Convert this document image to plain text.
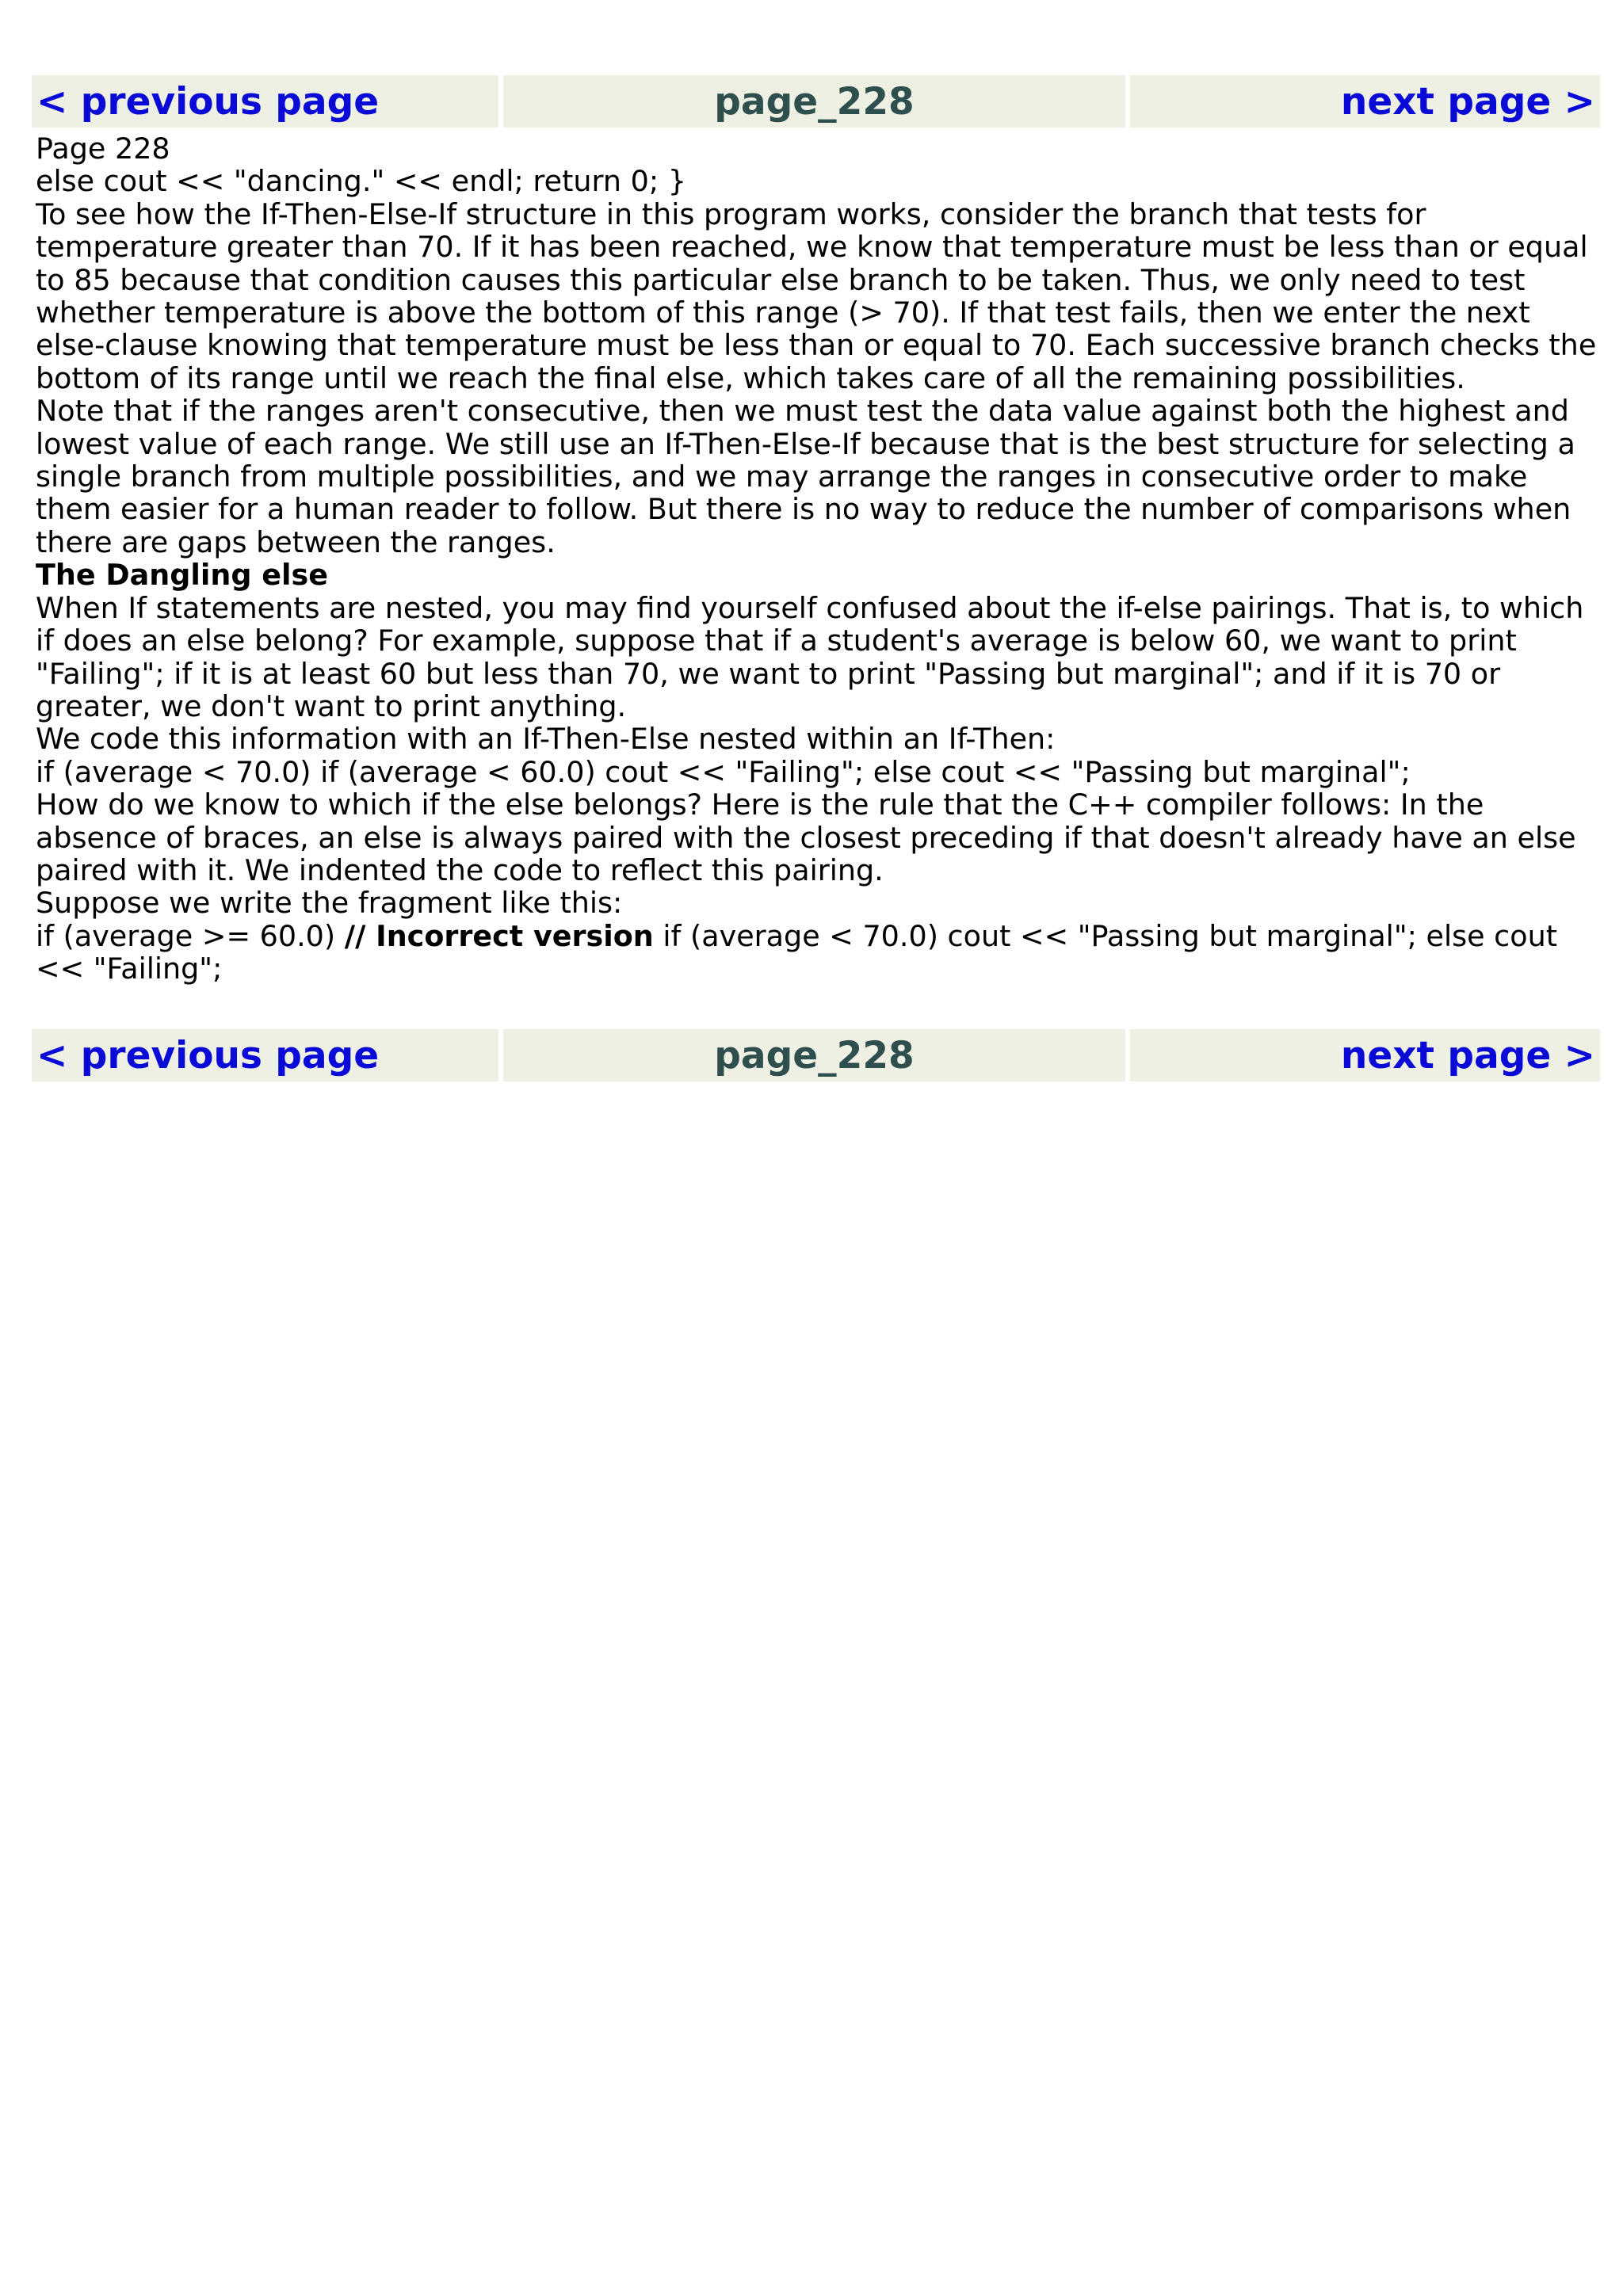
< previous page	page_228	next page >

Page 228

else cout << "dancing." << endl; return 0; }

To see how the If-Then-Else-If structure in this program works, consider the branch that tests for temperature greater than 70. If it has been reached, we know that temperature must be less than or equal to 85 because that condition causes this particular else branch to be taken. Thus, we only need to test whether temperature is above the bottom of this range (> 70). If that test fails, then we enter the next else-clause knowing that temperature must be less than or equal to 70. Each successive branch checks the bottom of its range until we reach the final else, which takes care of all the remaining possibilities.

Note that if the ranges aren't consecutive, then we must test the data value against both the highest and lowest value of each range. We still use an If-Then-Else-If because that is the best structure for selecting a single branch from multiple possibilities, and we may arrange the ranges in consecutive order to make them easier for a human reader to follow. But there is no way to reduce the number of comparisons when there are gaps between the ranges.

The Dangling else

When If statements are nested, you may find yourself confused about the if-else pairings. That is, to which if does an else belong? For example, suppose that if a student's average is below 60, we want to print "Failing"; if it is at least 60 but less than 70, we want to print "Passing but marginal"; and if it is 70 or greater, we don't want to print anything.

We code this information with an If-Then-Else nested within an If-Then:

if (average < 70.0) if (average < 60.0) cout << "Failing"; else cout << "Passing but marginal";

How do we know to which if the else belongs? Here is the rule that the C++ compiler follows: In the absence of braces, an else is always paired with the closest preceding if that doesn't already have an else paired with it. We indented the code to reflect this pairing.

Suppose we write the fragment like this:

if (average >= 60.0) // Incorrect version if (average < 70.0) cout << "Passing but marginal"; else cout << "Failing";

< previous page	page_228	next page >
